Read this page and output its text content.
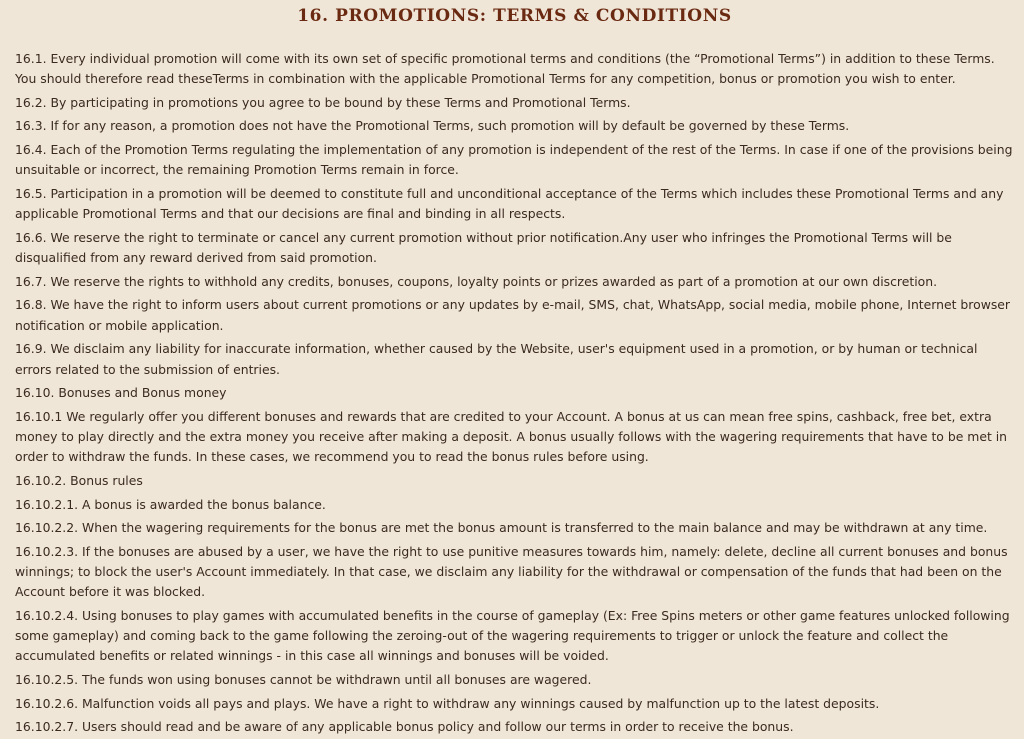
16. PROMOTIONS: TERMS & CONDITIONS

16.1. Every individual promotion will come with its own set of specific promotional terms and conditions (the “Promotional Terms”) in addition to these Terms. You should therefore read theseTerms in combination with the applicable Promotional Terms for any competition, bonus or promotion you wish to enter.

16.2. By participating in promotions you agree to be bound by these Terms and Promotional Terms.

16.3. If for any reason, a promotion does not have the Promotional Terms, such promotion will by default be governed by these Terms.

16.4. Each of the Promotion Terms regulating the implementation of any promotion is independent of the rest of the Terms. In case if one of the provisions being unsuitable or incorrect, the remaining Promotion Terms remain in force.

16.5. Participation in a promotion will be deemed to constitute full and unconditional acceptance of the Terms which includes these Promotional Terms and any applicable Promotional Terms and that our decisions are final and binding in all respects.

16.6. We reserve the right to terminate or cancel any current promotion without prior notification.Any user who infringes the Promotional Terms will be disqualified from any reward derived from said promotion.

16.7. We reserve the rights to withhold any credits, bonuses, coupons, loyalty points or prizes awarded as part of a promotion at our own discretion.

16.8. We have the right to inform users about current promotions or any updates by e-mail, SMS, chat, WhatsApp, social media, mobile phone, Internet browser notification or mobile application.

16.9. We disclaim any liability for inaccurate information, whether caused by the Website, user's equipment used in a promotion, or by human or technical errors related to the submission of entries.

16.10. Bonuses and Bonus money

16.10.1 We regularly offer you different bonuses and rewards that are credited to your Account. A bonus at us can mean free spins, cashback, free bet, extra money to play directly and the extra money you receive after making a deposit. A bonus usually follows with the wagering requirements that have to be met in order to withdraw the funds. In these cases, we recommend you to read the bonus rules before using.

16.10.2. Bonus rules

16.10.2.1. A bonus is awarded the bonus balance.

16.10.2.2. When the wagering requirements for the bonus are met the bonus amount is transferred to the main balance and may be withdrawn at any time.

16.10.2.3. If the bonuses are abused by a user, we have the right to use punitive measures towards him, namely: delete, decline all current bonuses and bonus winnings; to block the user's Account immediately. In that case, we disclaim any liability for the withdrawal or compensation of the funds that had been on the Account before it was blocked.

16.10.2.4. Using bonuses to play games with accumulated benefits in the course of gameplay (Ex: Free Spins meters or other game features unlocked following some gameplay) and coming back to the game following the zeroing-out of the wagering requirements to trigger or unlock the feature and collect the accumulated benefits or related winnings - in this case all winnings and bonuses will be voided.

16.10.2.5. The funds won using bonuses cannot be withdrawn until all bonuses are wagered.

16.10.2.6. Malfunction voids all pays and plays. We have a right to withdraw any winnings caused by malfunction up to the latest deposits.

16.10.2.7. Users should read and be aware of any applicable bonus policy and follow our terms in order to receive the bonus.
